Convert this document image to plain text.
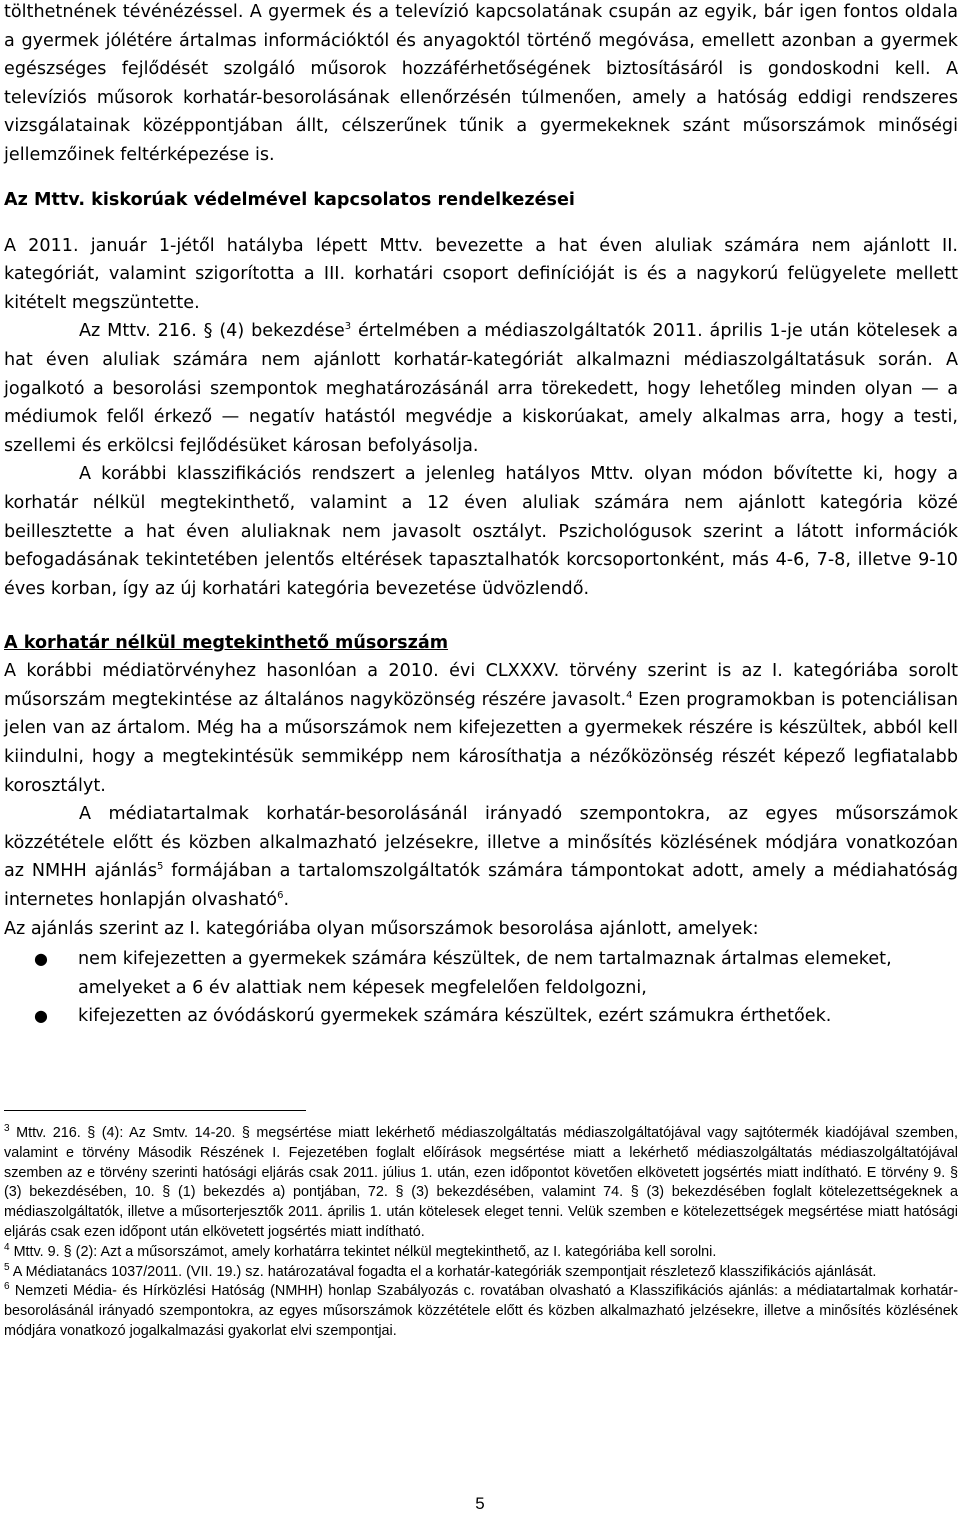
tölthetnének tévénézéssel. A gyermek és a televízió kapcsolatának csupán az egyik, bár igen fontos oldala a gyermek jólétére ártalmas információktól és anyagoktól történő megóvása, emellett azonban a gyermek egészséges fejlődését szolgáló műsorok hozzáférhetőségének biztosításáról is gondoskodni kell. A televíziós műsorok korhatár-besorolásának ellenőrzésén túlmenően, amely a hatóság eddigi rendszeres vizsgálatainak középpontjában állt, célszerűnek tűnik a gyermekeknek szánt műsorszámok minőségi jellemzőinek feltérképezése is.

Az Mttv. kiskorúak védelmével kapcsolatos rendelkezései

A 2011. január 1-jétől hatályba lépett Mttv. bevezette a hat éven aluliak számára nem ajánlott II. kategóriát, valamint szigorította a III. korhatári csoport definícióját is és a nagykorú felügyelete mellett kitételt megszüntette.

Az Mttv. 216. § (4) bekezdése$^3$ értelmében a médiaszolgáltatók 2011. április 1-je után kötelesek a hat éven aluliak számára nem ajánlott korhatár-kategóriát alkalmazni médiaszolgáltatásuk során. A jogalkotó a besorolási szempontok meghatározásánál arra törekedett, hogy lehetőleg minden olyan — a médiumok felől érkező — negatív hatástól megvédje a kiskorúakat, amely alkalmas arra, hogy a testi, szellemi és erkölcsi fejlődésüket károsan befolyásolja.

A korábbi klasszifikációs rendszert a jelenleg hatályos Mttv. olyan módon bővítette ki, hogy a korhatár nélkül megtekinthető, valamint a 12 éven aluliak számára nem ajánlott kategória közé beillesztette a hat éven aluliaknak nem javasolt osztályt. Pszichológusok szerint a látott információk befogadásának tekintetében jelentős eltérések tapasztalhatók korcsoportonként, más 4-6, 7-8, illetve 9-10 éves korban, így az új korhatári kategória bevezetése üdvözlendő.

A korhatár nélkül megtekinthető műsorszám

A korábbi médiatörvényhez hasonlóan a 2010. évi CLXXXV. törvény szerint is az I. kategóriába sorolt műsorszám megtekintése az általános nagyközönség részére javasolt.$^4$ Ezen programokban is potenciálisan jelen van az ártalom. Még ha a műsorszámok nem kifejezetten a gyermekek részére is készültek, abból kell kiindulni, hogy a megtekintésük semmiképp nem károsíthatja a nézőközönség részét képező legfiatalabb korosztályt.

A médiatartalmak korhatár-besorolásánál irányadó szempontokra, az egyes műsorszámok közzététele előtt és közben alkalmazható jelzésekre, illetve a minősítés közlésének módjára vonatkozóan az NMHH ajánlás$^5$ formájában a tartalomszolgáltatók számára támpontokat adott, amely a médiahatóság internetes honlapján olvasható$^6$.

Az ajánlás szerint az I. kategóriába olyan műsorszámok besorolása ajánlott, amelyek:

● nem kifejezetten a gyermekek számára készültek, de nem tartalmaznak ártalmas elemeket, amelyeket a 6 év alattiak nem képesek megfelelően feldolgozni,
● kifejezetten az óvódáskorú gyermekek számára készültek, ezért számukra érthetőek.

$^3$ Mttv. 216. § (4): Az Smtv. 14-20. § megsértése miatt lekérhető médiaszolgáltatás médiaszolgáltatójával vagy sajtótermék kiadójával szemben, valamint e törvény Második Részének I. Fejezetében foglalt előírások megsértése miatt a lekérhető médiaszolgáltatás médiaszolgáltatójával szemben az e törvény szerinti hatósági eljárás csak 2011. július 1. után, ezen időpontot követően elkövetett jogsértés miatt indítható. E törvény 9. § (3) bekezdésében, 10. § (1) bekezdés a) pontjában, 72. § (3) bekezdésében, valamint 74. § (3) bekezdésében foglalt kötelezettségeknek a médiaszolgáltatók, illetve a műsorterjesztők 2011. április 1. után kötelesek eleget tenni. Velük szemben e kötelezettségek megsértése miatt hatósági eljárás csak ezen időpont után elkövetett jogsértés miatt indítható.

$^4$ Mttv. 9. § (2): Azt a műsorszámot, amely korhatárra tekintet nélkül megtekinthető, az I. kategóriába kell sorolni.

$^5$ A Médiatanács 1037/2011. (VII. 19.) sz. határozatával fogadta el a korhatár-kategóriák szempontjait részletező klasszifikációs ajánlását.

$^6$ Nemzeti Média- és Hírközlési Hatóság (NMHH) honlap Szabályozás c. rovatában olvasható a Klasszifikációs ajánlás: a médiatartalmak korhatár-besorolásánál irányadó szempontokra, az egyes műsorszámok közzététele előtt és közben alkalmazható jelzésekre, illetve a minősítés közlésének módjára vonatkozó jogalkalmazási gyakorlat elvi szempontjai.

5
